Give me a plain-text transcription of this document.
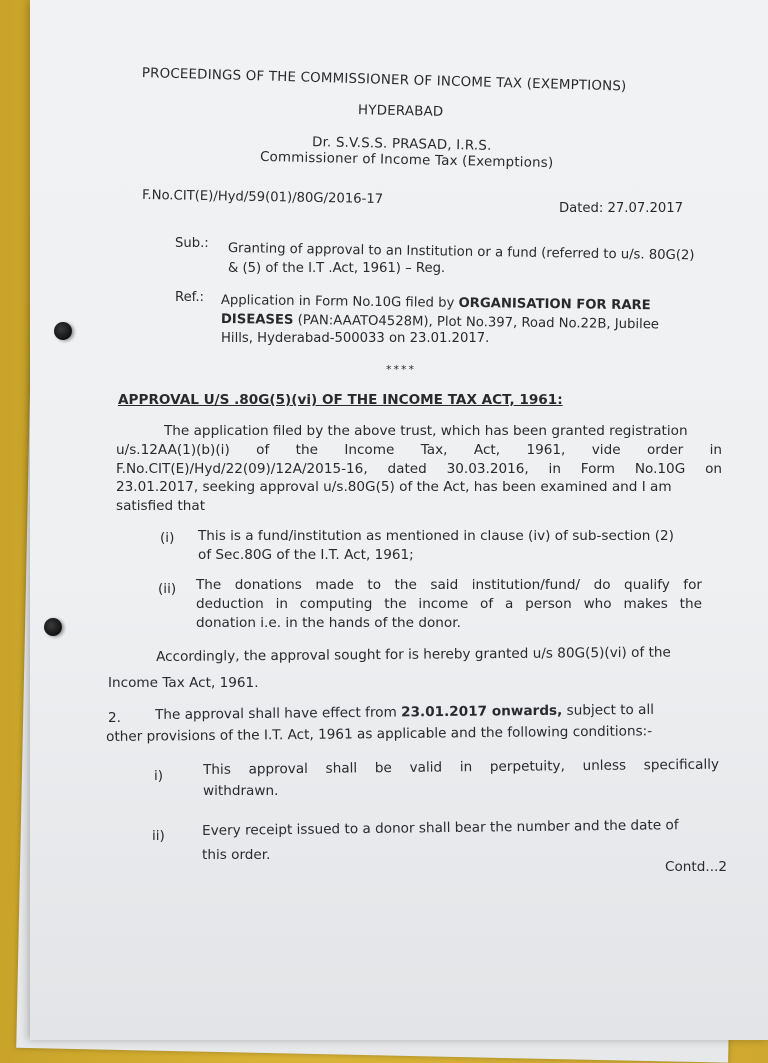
PROCEEDINGS OF THE COMMISSIONER OF INCOME TAX (EXEMPTIONS)
HYDERABAD
Dr. S.V.S.S. PRASAD, I.R.S.
Commissioner of Income Tax (Exemptions)
F.No.CIT(E)/Hyd/59(01)/80G/2016-17
Dated: 27.07.2017
Sub.: Granting of approval to an Institution or a fund (referred to u/s. 80G(2)
& (5) of the I.T .Act, 1961) – Reg.
Ref.: Application in Form No.10G filed by ORGANISATION FOR RARE
DISEASES (PAN:AAATO4528M), Plot No.397, Road No.22B, Jubilee
Hills, Hyderabad-500033 on 23.01.2017.
****
APPROVAL U/S .80G(5)(vi) OF THE INCOME TAX ACT, 1961:
The application filed by the above trust, which has been granted registration
u/s.12AA(1)(b)(i) of the Income Tax, Act, 1961, vide order in
F.No.CIT(E)/Hyd/22(09)/12A/2015-16, dated 30.03.2016, in Form No.10G on
23.01.2017, seeking approval u/s.80G(5) of the Act, has been examined and I am
satisfied that
(i) This is a fund/institution as mentioned in clause (iv) of sub-section (2)
of Sec.80G of the I.T. Act, 1961;
(ii) The donations made to the said institution/fund/ do qualify for
deduction in computing the income of a person who makes the
donation i.e. in the hands of the donor.
Accordingly, the approval sought for is hereby granted u/s 80G(5)(vi) of the
Income Tax Act, 1961.
2.	The approval shall have effect from 23.01.2017 onwards, subject to all
other provisions of the I.T. Act, 1961 as applicable and the following conditions:-
i)	This approval shall be valid in perpetuity, unless specifically
withdrawn.
ii)	Every receipt issued to a donor shall bear the number and the date of
this order.
Contd...2
